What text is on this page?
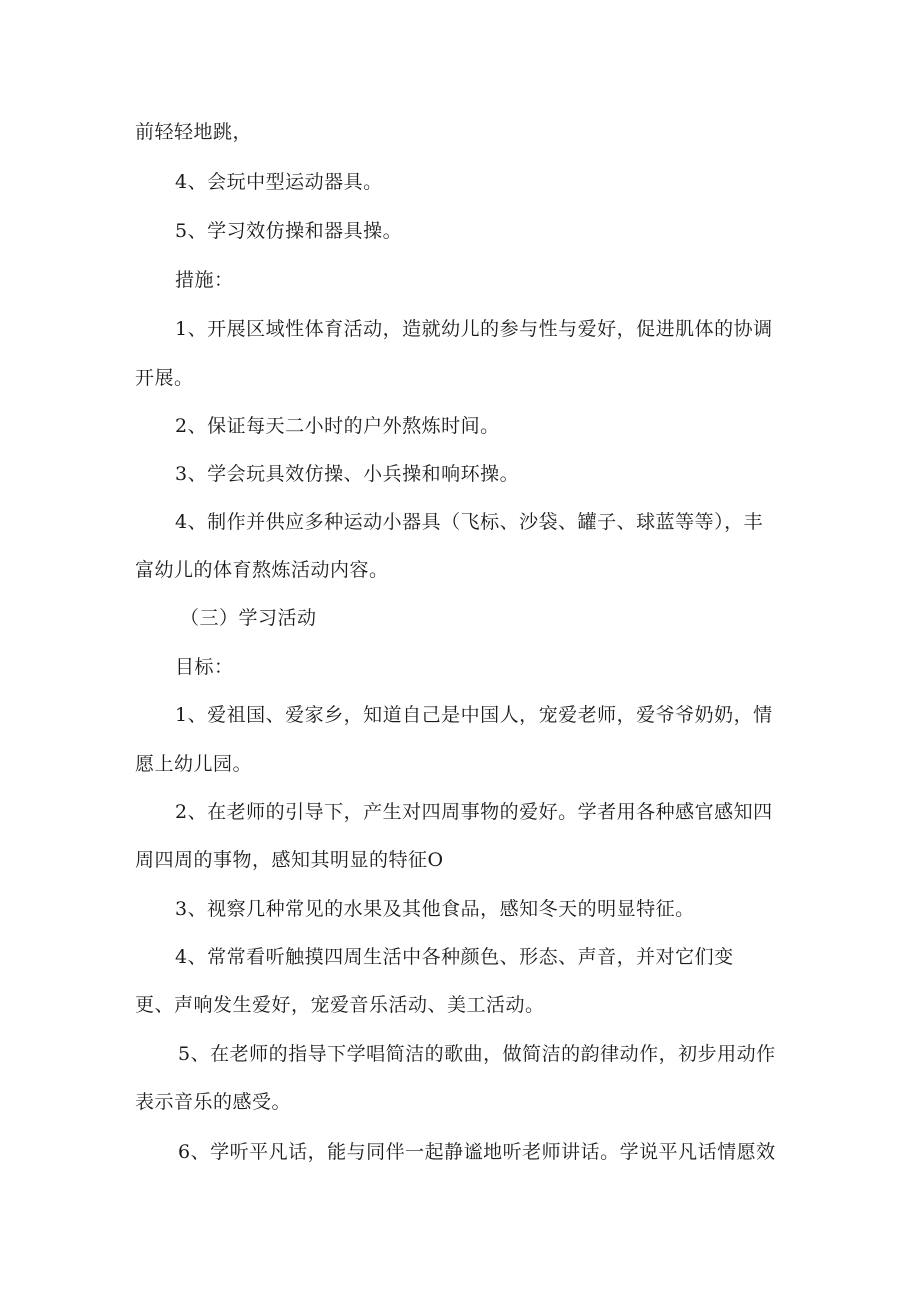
前轻轻地跳，
4、会玩中型运动器具。
5、学习效仿操和器具操。
措施：
1、开展区域性体育活动，造就幼儿的参与性与爱好，促进肌体的协调
开展。
2、保证每天二小时的户外熬炼时间。
3、学会玩具效仿操、小兵操和响环操。
4、制作并供应多种运动小器具（飞标、沙袋、罐子、球蓝等等），丰
富幼儿的体育熬炼活动内容。
（三）学习活动
目标：
1、爱祖国、爱家乡，知道自己是中国人，宠爱老师，爱爷爷奶奶，情
愿上幼儿园。
2、在老师的引导下，产生对四周事物的爱好。学者用各种感官感知四
周四周的事物，感知其明显的特征O
3、视察几种常见的水果及其他食品，感知冬天的明显特征。
4、常常看听触摸四周生活中各种颜色、形态、声音，并对它们变
更、声响发生爱好，宠爱音乐活动、美工活动。
5、在老师的指导下学唱简洁的歌曲，做简洁的韵律动作，初步用动作
表示音乐的感受。
6、学听平凡话，能与同伴一起静谧地听老师讲话。学说平凡话情愿效
